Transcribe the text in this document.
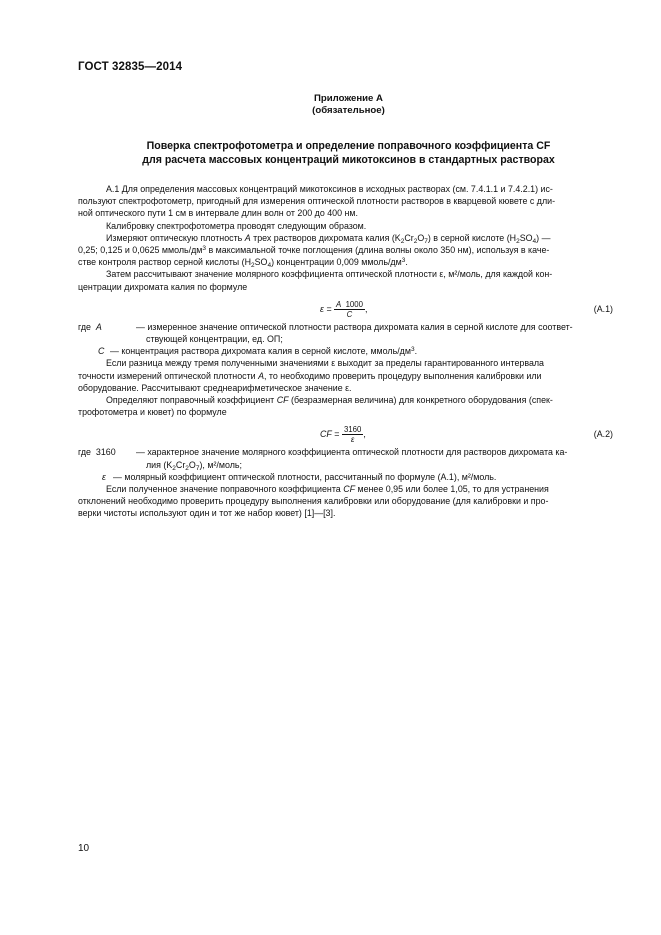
ГОСТ 32835—2014
Приложение А
(обязательное)
Поверка спектрофотометра и определение поправочного коэффициента CF
для расчета массовых концентраций микотоксинов в стандартных растворах
А.1 Для определения массовых концентраций микотоксинов в исходных растворах (см. 7.4.1.1 и 7.4.2.1) ис-
пользуют спектрофотометр, пригодный для измерения оптической плотности растворов в кварцевой кювете с дли-
ной оптического пути 1 см в интервале длин волн от 200 до 400 нм.
Калибровку спектрофотометра проводят следующим образом.
Измеряют оптическую плотность А трех растворов дихромата калия $(K_2Cr_2O_7)$ в серной кислоте $(H_2SO_4)$ —
0,25; 0,125 и 0,0625 ммоль/$дм^3$ в максимальной точке поглощения (длина волны около 350 нм), используя в каче-
стве контроля раствор серной кислоты $(H_2SO_4)$ концентрации 0,009 ммоль/$дм^3$.
Затем рассчитывают значение молярного коэффициента оптической плотности ε, м²/моль, для каждой кон-
центрации дихромата калия по формуле
$\varepsilon = \frac{А 1000}{C}$ ,	(А.1)
где А	— измеренное значение оптической плотности раствора дихромата калия в серной кислоте для соответ-
ствующей концентрации, ед. ОП;
C — концентрация раствора дихромата калия в серной кислоте, ммоль/$дм^3$.
Если разница между тремя полученными значениями ε выходит за пределы гарантированного интервала
точности измерений оптической плотности А, то необходимо проверить процедуру выполнения калибровки или
оборудование. Рассчитывают среднеарифметическое значение ε.
Определяют поправочный коэффициент CF (безразмерная величина) для конкретного оборудования (спек-
трофотометра и кювет) по формуле
CF = $\frac{3160}{\varepsilon}$ ,	(А.2)
где 3160 — характерное значение молярного коэффициента оптической плотности для растворов дихромата ка-
лия $(K_2Cr_2O_7)$, м²/моль;
ε — молярный коэффициент оптической плотности, рассчитанный по формуле (А.1), м²/моль.
Если полученное значение поправочного коэффициента CF менее 0,95 или более 1,05, то для устранения
отклонений необходимо проверить процедуру выполнения калибровки или оборудование (для калибровки и про-
верки чистоты используют один и тот же набор кювет) [1]—[3].
10
